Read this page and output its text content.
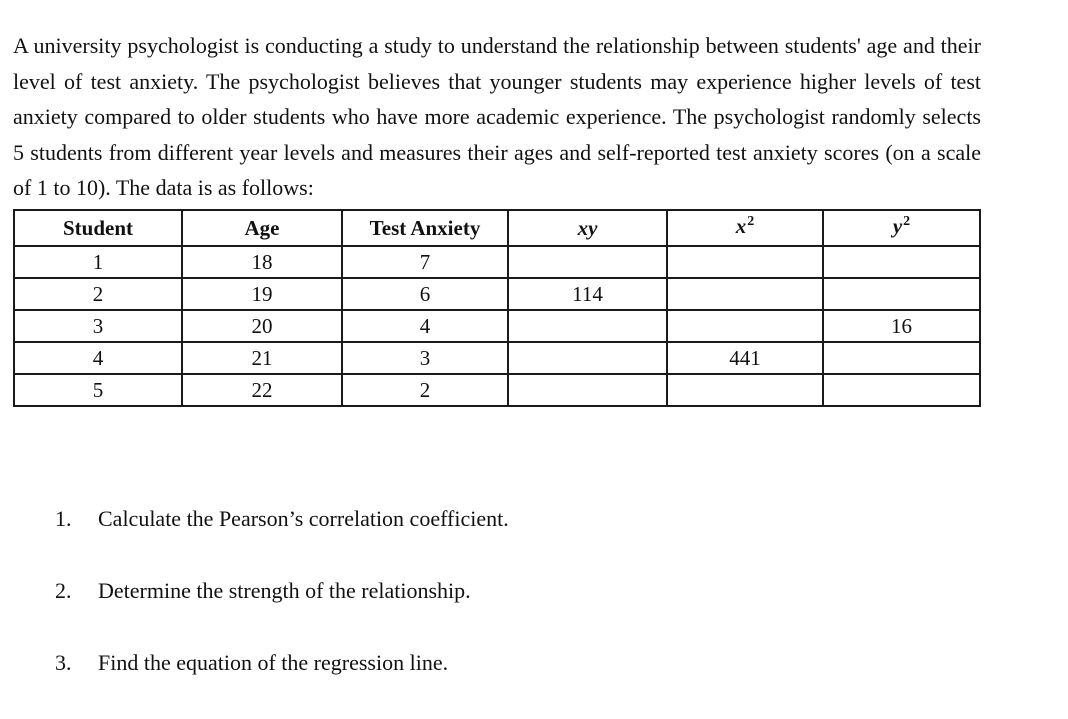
A university psychologist is conducting a study to understand the relationship between students' age and their level of test anxiety. The psychologist believes that younger students may experience higher levels of test anxiety compared to older students who have more academic experience. The psychologist randomly selects 5 students from different year levels and measures their ages and self-reported test anxiety scores (on a scale of 1 to 10). The data is as follows:

Student	Age	Test Anxiety	xy	$x^2$	$y^2$
1	18	7			
2	19	6	114		
3	20	4			16
4	21	3		441	
5	22	2			
1. Calculate the Pearson’s correlation coefficient.
2. Determine the strength of the relationship.
3. Find the equation of the regression line.
